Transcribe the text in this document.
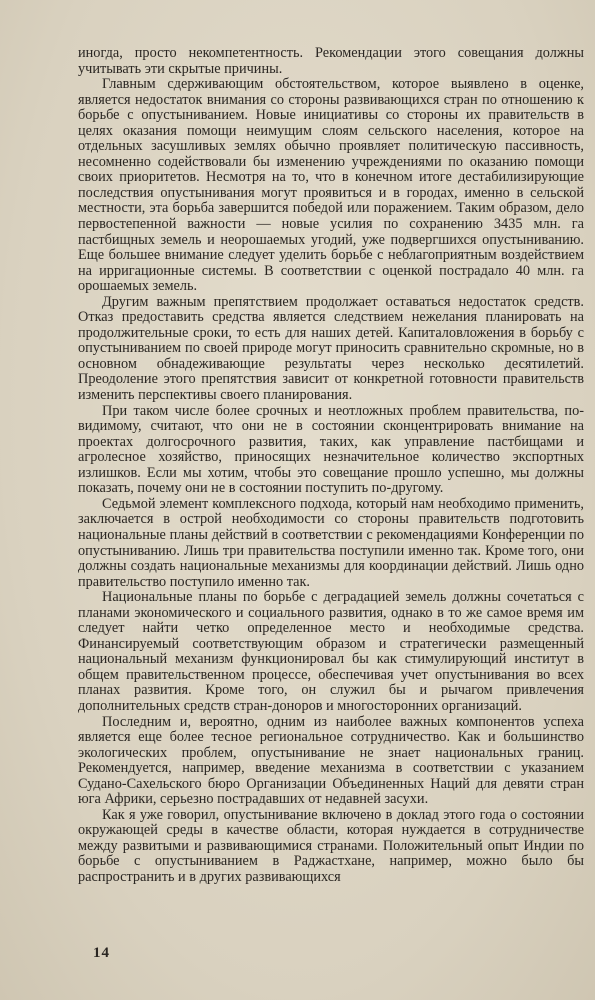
иногда, просто некомпетентность. Рекомендации этого совещания должны учитывать эти скрытые причины.

Главным сдерживающим обстоятельством, которое выявлено в оценке, является недостаток внимания со стороны развивающихся стран по отношению к борьбе с опустыниванием. Новые инициативы со стороны их правительств в целях оказания помощи неимущим слоям сельского населения, которое на отдельных засушливых землях обычно проявляет политическую пассивность, несомненно содействовали бы изменению учреждениями по оказанию помощи своих приоритетов. Несмотря на то, что в конечном итоге дестабилизирующие последствия опустынивания могут проявиться и в городах, именно в сельской местности, эта борьба завершится победой или поражением. Таким образом, дело первостепенной важности — новые усилия по сохранению 3435 млн. га пастбищных земель и неорошаемых угодий, уже подвергшихся опустыниванию. Еще большее внимание следует уделить борьбе с неблагоприятным воздействием на ирригационные системы. В соответствии с оценкой пострадало 40 млн. га орошаемых земель.

Другим важным препятствием продолжает оставаться недостаток средств. Отказ предоставить средства является следствием нежелания планировать на продолжительные сроки, то есть для наших детей. Капиталовложения в борьбу с опустыниванием по своей природе могут приносить сравнительно скромные, но в основном обнадеживающие результаты через несколько десятилетий. Преодоление этого препятствия зависит от конкретной готовности правительств изменить перспективы своего планирования.

При таком числе более срочных и неотложных проблем правительства, по-видимому, считают, что они не в состоянии сконцентрировать внимание на проектах долгосрочного развития, таких, как управление пастбищами и агролесное хозяйство, приносящих незначительное количество экспортных излишков. Если мы хотим, чтобы это совещание прошло успешно, мы должны показать, почему они не в состоянии поступить по-другому.

Седьмой элемент комплексного подхода, который нам необходимо применить, заключается в острой необходимости со стороны правительств подготовить национальные планы действий в соответствии с рекомендациями Конференции по опустыниванию. Лишь три правительства поступили именно так. Кроме того, они должны создать национальные механизмы для координации действий. Лишь одно правительство поступило именно так.

Национальные планы по борьбе с деградацией земель должны сочетаться с планами экономического и социального развития, однако в то же самое время им следует найти четко определенное место и необходимые средства. Финансируемый соответствующим образом и стратегически размещенный национальный механизм функционировал бы как стимулирующий институт в общем правительственном процессе, обеспечивая учет опустынивания во всех планах развития. Кроме того, он служил бы и рычагом привлечения дополнительных средств стран-доноров и многосторонних организаций.

Последним и, вероятно, одним из наиболее важных компонентов успеха является еще более тесное региональное сотрудничество. Как и большинство экологических проблем, опустынивание не знает национальных границ. Рекомендуется, например, введение механизма в соответствии с указанием Судано-Сахельского бюро Организации Объединенных Наций для девяти стран юга Африки, серьезно пострадавших от недавней засухи.

Как я уже говорил, опустынивание включено в доклад этого года о состоянии окружающей среды в качестве области, которая нуждается в сотрудничестве между развитыми и развивающимися странами. Положительный опыт Индии по борьбе с опустыниванием в Раджастхане, например, можно было бы распространить и в других развивающихся

14
